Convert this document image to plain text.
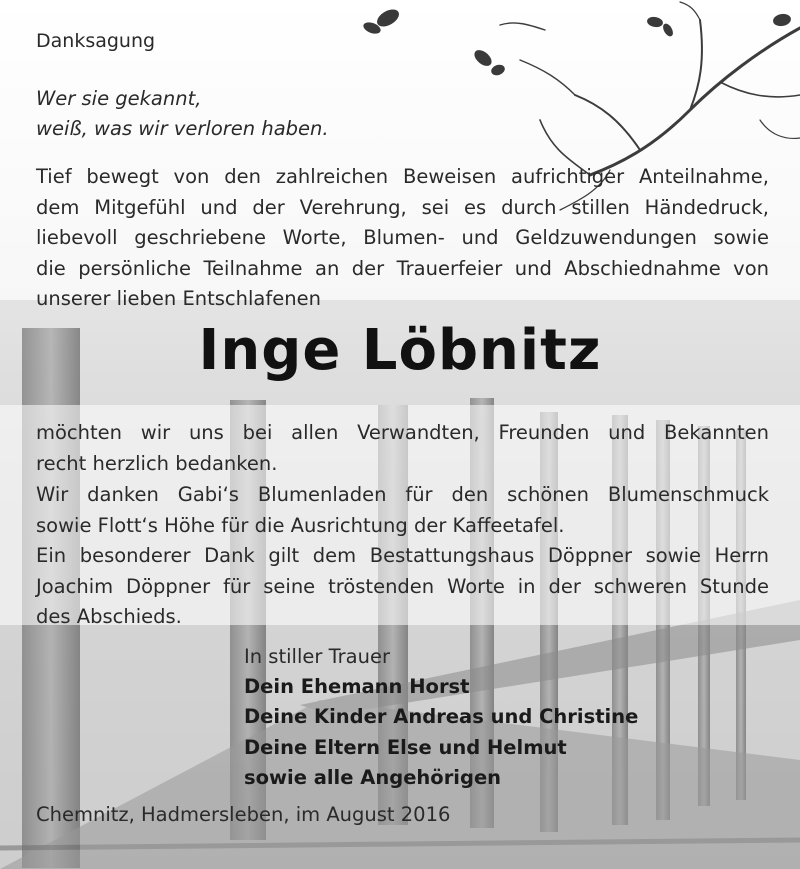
Danksagung
Wer sie gekannt,
weiß, was wir verloren haben.
Tief bewegt von den zahlreichen Beweisen aufrichtiger Anteilnahme,
dem Mitgefühl und der Verehrung, sei es durch stillen Händedruck,
liebevoll geschriebene Worte, Blumen- und Geldzuwendungen sowie
die persönliche Teilnahme an der Trauerfeier und Abschiednahme von
unserer lieben Entschlafenen
Inge Löbnitz
möchten wir uns bei allen Verwandten, Freunden und Bekannten
recht herzlich bedanken.
Wir danken Gabi‘s Blumenladen für den schönen Blumenschmuck
sowie Flott‘s Höhe für die Ausrichtung der Kaffeetafel.
Ein besonderer Dank gilt dem Bestattungshaus Döppner sowie Herrn
Joachim Döppner für seine tröstenden Worte in der schweren Stunde
des Abschieds.
In stiller Trauer
Dein Ehemann Horst
Deine Kinder Andreas und Christine
Deine Eltern Else und Helmut
sowie alle Angehörigen
Chemnitz, Hadmersleben, im August 2016
